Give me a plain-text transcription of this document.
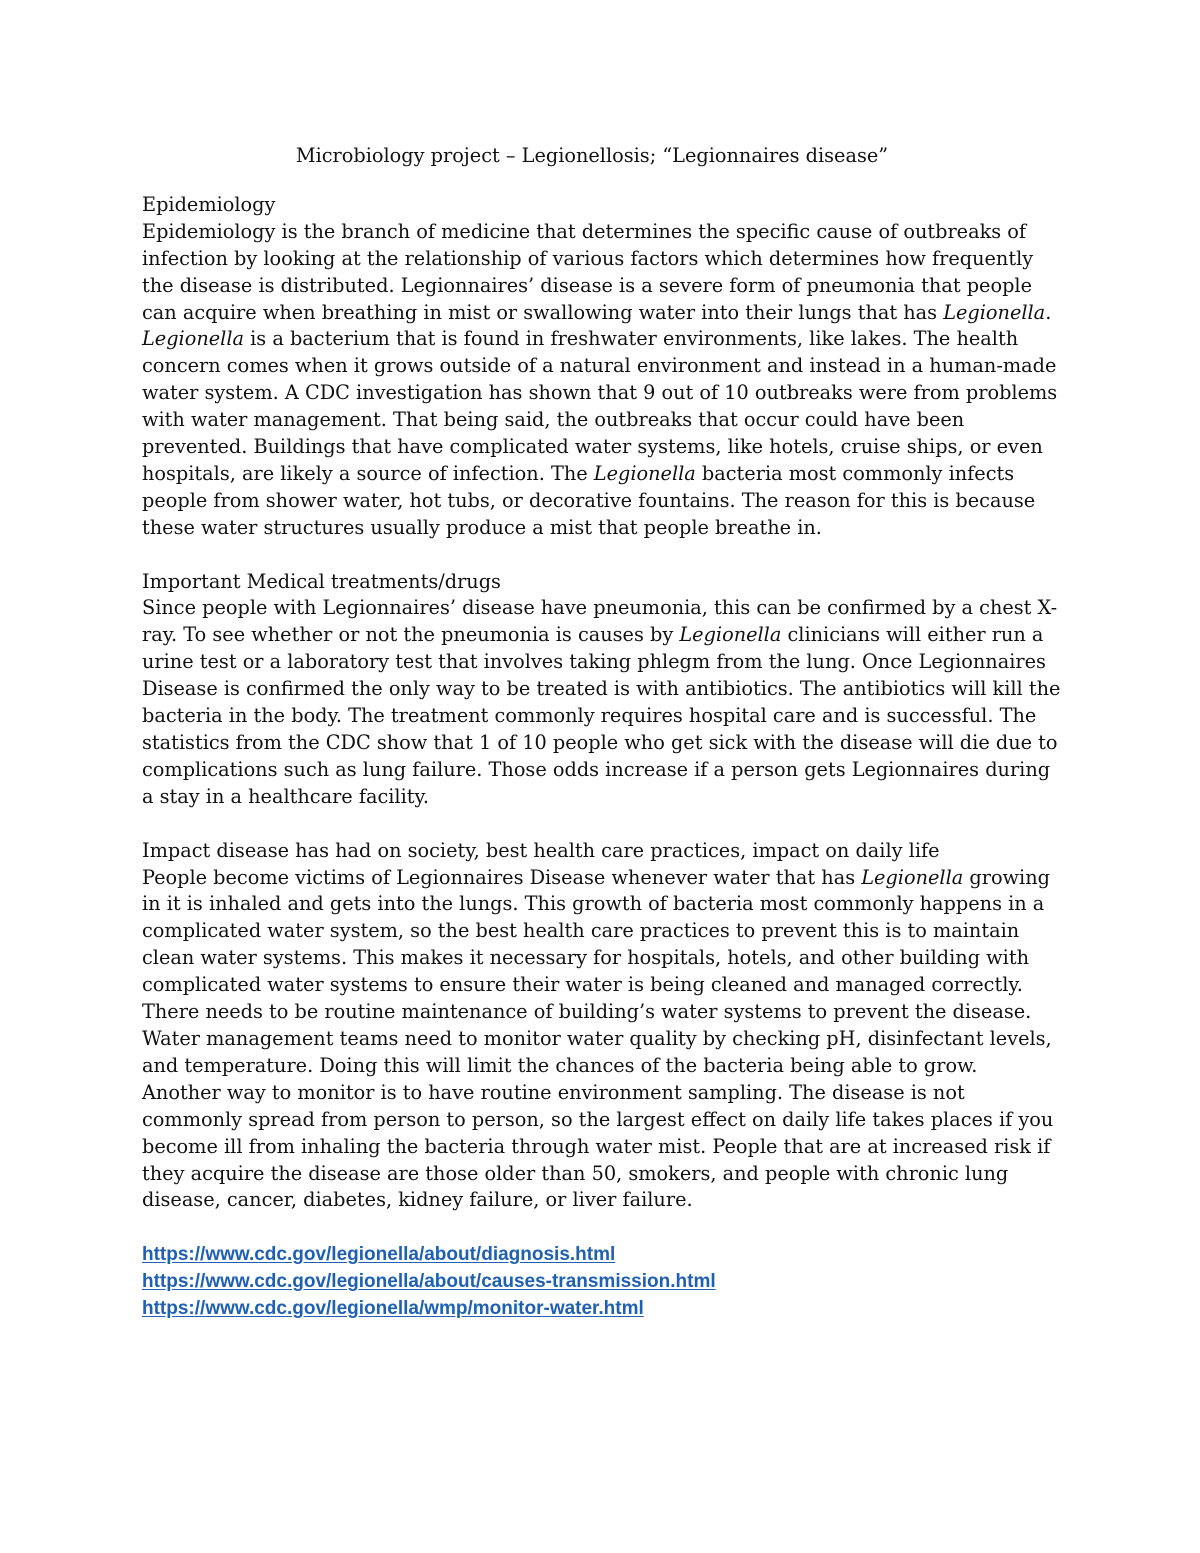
Microbiology project – Legionellosis; “Legionnaires disease”
Epidemiology
Epidemiology is the branch of medicine that determines the specific cause of outbreaks of infection by looking at the relationship of various factors which determines how frequently the disease is distributed. Legionnaires’ disease is a severe form of pneumonia that people can acquire when breathing in mist or swallowing water into their lungs that has Legionella. Legionella is a bacterium that is found in freshwater environments, like lakes. The health concern comes when it grows outside of a natural environment and instead in a human-made water system. A CDC investigation has shown that 9 out of 10 outbreaks were from problems with water management. That being said, the outbreaks that occur could have been prevented. Buildings that have complicated water systems, like hotels, cruise ships, or even hospitals, are likely a source of infection. The Legionella bacteria most commonly infects people from shower water, hot tubs, or decorative fountains. The reason for this is because these water structures usually produce a mist that people breathe in.
Important Medical treatments/drugs
Since people with Legionnaires’ disease have pneumonia, this can be confirmed by a chest X-ray. To see whether or not the pneumonia is causes by Legionella clinicians will either run a urine test or a laboratory test that involves taking phlegm from the lung. Once Legionnaires Disease is confirmed the only way to be treated is with antibiotics. The antibiotics will kill the bacteria in the body. The treatment commonly requires hospital care and is successful. The statistics from the CDC show that 1 of 10 people who get sick with the disease will die due to complications such as lung failure. Those odds increase if a person gets Legionnaires during a stay in a healthcare facility.
Impact disease has had on society, best health care practices, impact on daily life
People become victims of Legionnaires Disease whenever water that has Legionella growing in it is inhaled and gets into the lungs. This growth of bacteria most commonly happens in a complicated water system, so the best health care practices to prevent this is to maintain clean water systems. This makes it necessary for hospitals, hotels, and other building with complicated water systems to ensure their water is being cleaned and managed correctly. There needs to be routine maintenance of building’s water systems to prevent the disease. Water management teams need to monitor water quality by checking pH, disinfectant levels, and temperature. Doing this will limit the chances of the bacteria being able to grow. Another way to monitor is to have routine environment sampling. The disease is not commonly spread from person to person, so the largest effect on daily life takes places if you become ill from inhaling the bacteria through water mist. People that are at increased risk if they acquire the disease are those older than 50, smokers, and people with chronic lung disease, cancer, diabetes, kidney failure, or liver failure.
https://www.cdc.gov/legionella/about/diagnosis.html
https://www.cdc.gov/legionella/about/causes-transmission.html
https://www.cdc.gov/legionella/wmp/monitor-water.html
